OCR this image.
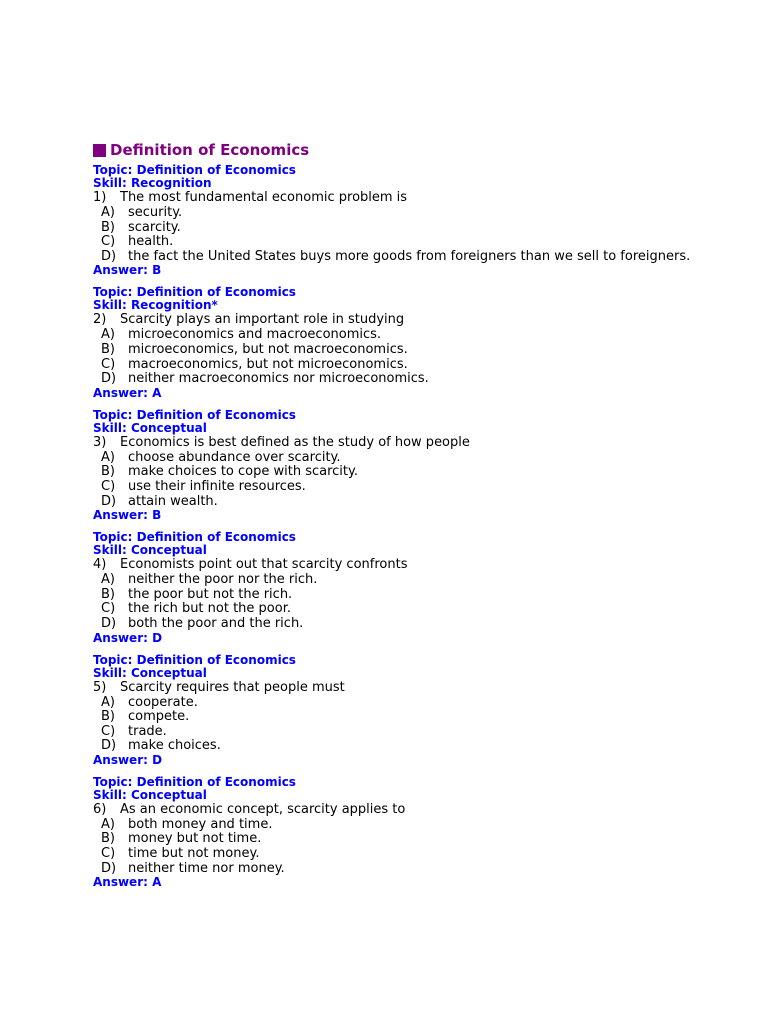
Definition of Economics
Topic: Definition of Economics
Skill: Recognition
1)	The most fundamental economic problem is
A)	security.
B)	scarcity.
C) health.
D) the fact the United States buys more goods from foreigners than we sell to foreigners.
Answer: B
Topic: Definition of Economics
Skill: Recognition*
2)	Scarcity plays an important role in studying
A)	microeconomics and macroeconomics.
B)	microeconomics, but not macroeconomics.
C) macroeconomics, but not microeconomics.
D) neither macroeconomics nor microeconomics.
Answer: A
Topic: Definition of Economics
Skill: Conceptual
3)	Economics is best defined as the study of how people
A)	choose abundance over scarcity.
B)	make choices to cope with scarcity.
C) use their infinite resources.
D) attain wealth.
Answer: B
Topic: Definition of Economics
Skill: Conceptual
4)	Economists point out that scarcity confronts
A)	neither the poor nor the rich.
B)	the poor but not the rich.
C) the rich but not the poor.
D) both the poor and the rich.
Answer: D
Topic: Definition of Economics
Skill: Conceptual
5)	Scarcity requires that people must
A)	cooperate.
B)	compete.
C) trade.
D) make choices.
Answer: D
Topic: Definition of Economics
Skill: Conceptual
6)	As an economic concept, scarcity applies to
A)	both money and time.
B)	money but not time.
C) time but not money.
D) neither time nor money.
Answer: A
